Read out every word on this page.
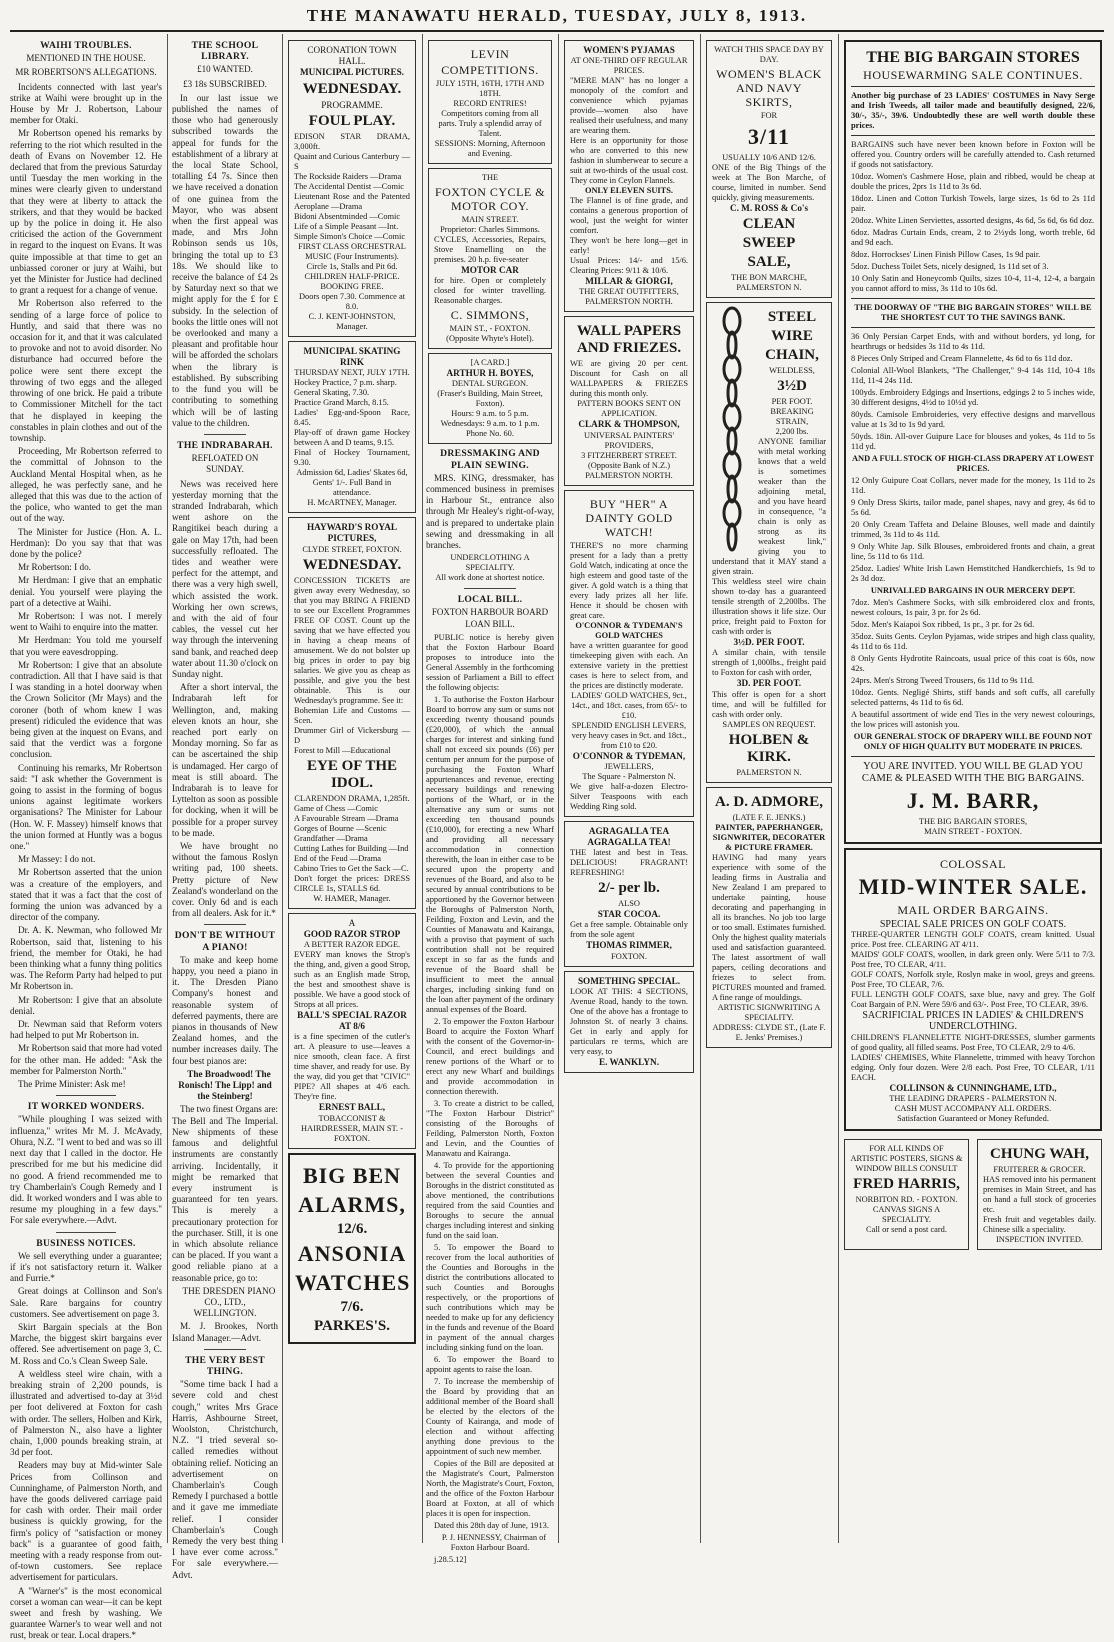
THE MANAWATU HERALD, TUESDAY, JULY 8, 1913.
WAIHI TROUBLES.
MENTIONED IN THE HOUSE.
MR ROBERTSON'S ALLEGATIONS.

Incidents connected with last year's strike at Waihi were brought up in the House by Mr J. Robertson, Labour member for Otaki.

Mr Robertson opened his remarks by referring to the riot which resulted in the death of Evans on November 12. He declared that from the previous Saturday until Tuesday the men working in the mines were clearly given to understand that they were at liberty to attack the strikers, and that they would be backed up by the police in doing it. He also criticised the action of the Government in regard to the inquest on Evans. It was quite impossible at that time to get an unbiassed coroner or jury at Waihi, but yet the Minister for Justice had declined to grant a request for a change of venue.

Mr Robertson also referred to the sending of a large force of police to Huntly, and said that there was no occasion for it, and that it was calculated to provoke and not to avoid disorder. No disturbance had occurred before the police were sent there except the throwing of two eggs and the alleged throwing of one brick. He paid a tribute to Commissioner Mitchell for the tact that he displayed in keeping the constables in plain clothes and out of the township.

Proceeding, Mr Robertson referred to the committal of Johnson to the Auckland Mental Hospital when, as he alleged, he was perfectly sane, and he alleged that this was due to the action of the police, who wanted to get the man out of the way.

The Minister for Justice (Hon. A. L. Herdman): Do you say that that was done by the police?

Mr Robertson: I do.

Mr Herdman: I give that an emphatic denial. You yourself were playing the part of a detective at Waihi.

Mr Robertson: I was not. I merely went to Waihi to enquire into the matter.

Mr Herdman: You told me yourself that you were eavesdropping.

Mr Robertson: I give that an absolute contradiction. All that I have said is that I was standing in a hotel doorway when the Crown Solicitor (Mr Mays) and the coroner (both of whom knew I was present) ridiculed the evidence that was being given at the inquest on Evans, and said that the verdict was a forgone conclusion.

Continuing his remarks, Mr Robertson said: "I ask whether the Government is going to assist in the forming of bogus unions against legitimate workers organisations? The Minister for Labour (Hon. W. F. Massey) himself knows that the union formed at Huntly was a bogus one."

Mr Massey: I do not.

Mr Robertson asserted that the union was a creature of the employers, and stated that it was a fact that the cost of forming the union was advanced by a director of the company.

Dr. A. K. Newman, who followed Mr Robertson, said that, listening to his friend, the member for Otaki, he had been thinking what a funny thing politics was. The Reform Party had helped to put Mr Robertson in.

Mr Robertson: I give that an absolute denial.

Dr. Newman said that Reform voters had helped to put Mr Robertson in.

Mr Robertson said that more had voted for the other man. He added: "Ask the member for Palmerston North."

The Prime Minister: Ask me!

IT WORKED WONDERS.

"While ploughing I was seized with influenza," writes Mr M. J. McAvady, Ohura, N.Z. "I went to bed and was so ill next day that I called in the doctor. He prescribed for me but his medicine did no good. A friend recommended me to try Chamberlain's Cough Remedy and I did. It worked wonders and I was able to resume my ploughing in a few days." For sale everywhere.—Advt.

BUSINESS NOTICES.

We sell everything under a guarantee; if it's not satisfactory return it. Walker and Furrie.*

Great doings at Collinson and Son's Sale. Rare bargains for country customers. See advertisement on page 3.

Skirt Bargain specials at the Bon Marche, the biggest skirt bargains ever offered. See advertisement on page 3, C. M. Ross and Co.'s Clean Sweep Sale.

A weldless steel wire chain, with a breaking strain of 2,200 pounds, is illustrated and advertised to-day at 3½d per foot delivered at Foxton for cash with order. The sellers, Holben and Kirk, of Palmerston N., also have a lighter chain, 1,000 pounds breaking strain, at 3d per foot.

Readers may buy at Mid-winter Sale Prices from Collinson and Cunninghame, of Palmerston North, and have the goods delivered carriage paid for cash with order. Their mail order business is quickly growing, for the firm's policy of "satisfaction or money back" is a guarantee of good faith, meeting with a ready response from out-of-town customers. See replace advertisement for particulars.

A "Warner's" is the most economical corset a woman can wear—it can be kept sweet and fresh by washing. We guarantee Warner's to wear well and not rust, break or tear. Local drapers.*

THE SCHOOL LIBRARY.
£10 WANTED.
£3 18s SUBSCRIBED.

In our last issue we published the names of those who had generously subscribed towards the appeal for funds for the establishment of a library at the local State School, totalling £4 7s. Since then we have received a donation of one guinea from the Mayor, who was absent when the first appeal was made, and Mrs John Robinson sends us 10s, bringing the total up to £3 18s. We should like to receive the balance of £4 2s by Saturday next so that we might apply for the £ for £ subsidy. In the selection of books the little ones will not be overlooked and many a pleasant and profitable hour will be afforded the scholars when the library is established. By subscribing to the fund you will be contributing to something which will be of lasting value to the children.

THE INDRABARAH.
REFLOATED ON SUNDAY.

News was received here yesterday morning that the stranded Indrabarah, which went ashore on the Rangitikei beach during a gale on May 17th, had been successfully refloated. The tides and weather were perfect for the attempt, and there was a very high swell, which assisted the work. Working her own screws, and with the aid of four cables, the vessel cut her way through the intervening sand bank, and reached deep water about 11.30 o'clock on Sunday night.

After a short interval, the Indrabarah left for Wellington, and, making eleven knots an hour, she reached port early on Monday morning. So far as can be ascertained the ship is undamaged. Her cargo of meat is still aboard. The Indrabarah is to leave for Lyttelton as soon as possible for docking, when it will be possible for a proper survey to be made.

We have brought no without the famous Roslyn writing pad, 100 sheets. Pretty picture of New Zealand's wonderland on the cover. Only 6d and is each from all dealers. Ask for it.*

DON'T BE WITHOUT A PIANO!

To make and keep home happy, you need a piano in it. The Dresden Piano Company's honest and reasonable system of deferred payments, there are pianos in thousands of New Zealand homes, and the number increases daily. The four best pianos are:

The Broadwood! The Ronisch! The Lipp! and the Steinberg!

The two finest Organs are: The Bell and The Imperial. New shipments of these famous and delightful instruments are constantly arriving. Incidentally, it might be remarked that every instrument is guaranteed for ten years. This is merely a precautionary protection for the purchaser. Still, it is one in which absolute reliance can be placed. If you want a good reliable piano at a reasonable price, go to:

THE DRESDEN PIANO CO., LTD., WELLINGTON.

M. J. Brookes, North Island Manager.—Advt.

THE VERY BEST THING.

"Some time back I had a severe cold and chest cough," writes Mrs Grace Harris, Ashbourne Street, Woolston, Christchurch, N.Z. "I tried several so-called remedies without obtaining relief. Noticing an advertisement on Chamberlain's Cough Remedy I purchased a bottle and it gave me immediate relief. I consider Chamberlain's Cough Remedy the very best thing I have ever come across." For sale everywhere.—Advt.

CORONATION TOWN HALL.
MUNICIPAL PICTURES.
WEDNESDAY.
PROGRAMME.
FOUL PLAY.
EDISON STAR DRAMA, 3,000ft.
Quaint and Curious Canterbury —S
The Rockside Raiders —Drama
The Accidental Dentist —Comic
Lieutenant Rose and the Patented Aeroplane —Drama
Bidoni Absentminded —Comic
Life of a Simple Peasant —Int.
Simple Simon's Choice —Comic
FIRST CLASS ORCHESTRAL MUSIC (Four Instruments).
Circle 1s, Stalls and Pit 6d. CHILDREN HALF-PRICE. BOOKING FREE.
Doors open 7.30. Commence at 8.0.
C. J. KENT-JOHNSTON, Manager.
MUNICIPAL SKATING RINK
THURSDAY NEXT, JULY 17TH.
Hockey Practice, 7 p.m. sharp.
General Skating, 7.30.
Practice Grand March, 8.15.
Ladies' Egg-and-Spoon Race, 8.45.
Play-off of drawn game Hockey between A and D teams, 9.15.
Final of Hockey Tournament, 9.30.
Admission 6d, Ladies' Skates 6d, Gents' 1/-. Full Band in attendance.
H. McARTNEY, Manager.
HAYWARD'S ROYAL PICTURES,
CLYDE STREET, FOXTON.
WEDNESDAY.
CONCESSION TICKETS are given away every Wednesday, so that you may BRING A FRIEND to see our Excellent Programmes FREE OF COST. Count up the saving that we have effected you in having a cheap means of amusement. We do not bolster up big prices in order to pay big salaries. We give you as cheap as possible, and give you the best obtainable. This is our Wednesday's programme. See it:
Bohemian Life and Customs —Scen.
Drummer Girl of Vickersburg —D
Forest to Mill —Educational
EYE OF THE IDOL.
CLARENDON DRAMA, 1,285ft.
Game of Chess —Comic
A Favourable Stream —Drama
Gorges of Bourne —Scenic
Grandfather —Drama
Cutting Lathes for Building —Ind
End of the Feud —Drama
Cabino Tries to Get the Sack —C.
Don't forget the prices: DRESS CIRCLE 1s, STALLS 6d.
W. HAMER, Manager.
A
GOOD RAZOR STROP
A BETTER RAZOR EDGE.
EVERY man knows the Strop's the thing, and, given a good Strop, such as an English made Strop, the best and smoothest shave is possible. We have a good stock of Strops at all prices.
BALL'S SPECIAL RAZOR AT 8/6
is a fine specimen of the cutler's art. A pleasure to use—leaves a nice smooth, clean face. A first time shaver, and ready for use. By the way, did you get that "CIVIC" PIPE? All shapes at 4/6 each. They're fine.
ERNEST BALL,
TOBACCONIST & HAIRDRESSER, MAIN ST. - FOXTON.
BIG BEN
ALARMS,
12/6.
ANSONIA
WATCHES
7/6.
PARKES'S.
LEVIN
COMPETITIONS.
JULY 15TH, 16TH, 17TH AND 18TH.
RECORD ENTRIES!
Competitors coming from all parts. Truly a splendid array of Talent.
SESSIONS: Morning, Afternoon and Evening.
THE
FOXTON CYCLE & MOTOR COY.
MAIN STREET.
Proprietor: Charles Simmons.
CYCLES, Accessories, Repairs, Stove Enamelling on the premises. 20 h.p. five-seater
MOTOR CAR
for hire. Open or completely closed for winter travelling. Reasonable charges.
C. SIMMONS,
MAIN ST., - FOXTON. (Opposite Whyte's Hotel).
[A CARD.]
ARTHUR H. BOYES,
DENTAL SURGEON.
(Fraser's Building, Main Street, Foxton).
Hours: 9 a.m. to 5 p.m. Wednesdays: 9 a.m. to 1 p.m.
Phone No. 60.
DRESSMAKING AND PLAIN SEWING.

MRS. KING, dressmaker, has commenced business in premises in Harbour St., entrance also through Mr Healey's right-of-way, and is prepared to undertake plain sewing and dressmaking in all branches.

UNDERCLOTHING A SPECIALITY.
All work done at shortest notice.
LOCAL BILL.
FOXTON HARBOUR BOARD LOAN BILL.

PUBLIC notice is hereby given that the Foxton Harbour Board proposes to introduce into the General Assembly in the forthcoming session of Parliament a Bill to effect the following objects:

1. To authorise the Foxton Harbour Board to borrow any sum or sums not exceeding twenty thousand pounds (£20,000), of which the annual charges for interest and sinking fund shall not exceed six pounds (£6) per centum per annum for the purpose of purchasing the Foxton Wharf appurtenances and revenue, erecting necessary buildings and renewing portions of the Wharf, or in the alternative any sum or sums not exceeding ten thousand pounds (£10,000), for erecting a new Wharf and providing all necessary accommodation in connection therewith, the loan in either case to be secured upon the property and revenues of the Board, and also to be secured by annual contributions to be apportioned by the Governor between the Boroughs of Palmerston North, Feilding, Foxton and Levin, and the Counties of Manawatu and Kairanga, with a proviso that payment of such contribution shall not be required except in so far as the funds and revenue of the Board shall be insufficient to meet the annual charges, including sinking fund on the loan after payment of the ordinary annual expenses of the Board.

2. To empower the Foxton Harbour Board to acquire the Foxton Wharf with the consent of the Governor-in-Council, and erect buildings and renew portions of the Wharf or to erect any new Wharf and buildings and provide accommodation in connection therewith.

3. To create a district to be called, "The Foxton Harbour District" consisting of the Boroughs of Feilding, Palmerston North, Foxton and Levin, and the Counties of Manawatu and Kairanga.

4. To provide for the apportioning between the several Counties and Boroughs in the district constituted as above mentioned, the contributions required from the said Counties and Boroughs to secure the annual charges including interest and sinking fund on the said loan.

5. To empower the Board to recover from the local authorities of the Counties and Boroughs in the district the contributions allocated to such Counties and Boroughs respectively, or the proportions of such contributions which may be needed to make up for any deficiency in the funds and revenue of the Board in payment of the annual charges including sinking fund on the loan.

6. To empower the Board to appoint agents to raise the loan.

7. To increase the membership of the Board by providing that an additional member of the Board shall be elected by the electors of the County of Kairanga, and mode of election and without affecting anything done previous to the appointment of such new member.

Copies of the Bill are deposited at the Magistrate's Court, Palmerston North, the Magistrate's Court, Foxton, and the office of the Foxton Harbour Board at Foxton, at all of which places it is open for inspection.

Dated this 28th day of June, 1913.

P. J. HENNESSY, Chairman of Foxton Harbour Board.

j.28.5.12]

WOMEN'S PYJAMAS
AT ONE-THIRD OFF REGULAR PRICES.
"MERE MAN" has no longer a monopoly of the comfort and convenience which pyjamas provide—women also have realised their usefulness, and many are wearing them.
Here is an opportunity for those who are converted to this new fashion in slumberwear to secure a suit at two-thirds of the usual cost. They come in Ceylon Flannels.
ONLY ELEVEN SUITS.
The Flannel is of fine grade, and contains a generous proportion of wool, just the weight for winter comfort.
They won't be here long—get in early!
Usual Prices: 14/- and 15/6. Clearing Prices: 9/11 & 10/6.
MILLAR & GIORGI,
THE GREAT OUTFITTERS,
PALMERSTON NORTH.
WALL PAPERS AND FRIEZES.
WE are giving 20 per cent. Discount for Cash on all WALLPAPERS & FRIEZES during this month only.
PATTERN BOOKS SENT ON APPLICATION.
CLARK & THOMPSON,
UNIVERSAL PAINTERS' PROVIDERS,
3 FITZHERBERT STREET. (Opposite Bank of N.Z.)
PALMERSTON NORTH.
BUY "HER" A DAINTY GOLD WATCH!
THERE'S no more charming present for a lady than a pretty Gold Watch, indicating at once the high esteem and good taste of the giver. A gold watch is a thing that every lady prizes all her life. Hence it should be chosen with great care.
O'CONNOR & TYDEMAN'S GOLD WATCHES
have a written guarantee for good timekeeping given with each. An extensive variety in the prettiest cases is here to select from, and the prices are distinctly moderate.
LADIES' GOLD WATCHES, 9ct., 14ct., and 18ct. cases, from 65/- to £10.
SPLENDID ENGLISH LEVERS, very heavy cases in 9ct. and 18ct., from £10 to £20.
O'CONNOR & TYDEMAN,
JEWELLERS,
The Square - Palmerston N.
We give half-a-dozen Electro-Silver Teaspoons with each Wedding Ring sold.
AGRAGALLA TEA
AGRAGALLA TEA!
THE latest and best in Teas. DELICIOUS! FRAGRANT! REFRESHING!
2/- per lb.
ALSO
STAR COCOA.
Get a free sample. Obtainable only from the sole agent
THOMAS RIMMER,
FOXTON.
SOMETHING SPECIAL.
LOOK AT THIS: 4 SECTIONS, Avenue Road, handy to the town. One of the above has a frontage to Johnston St. of nearly 3 chains. Get in early and apply for particulars re terms, which are very easy, to
E. WANKLYN.
WATCH THIS SPACE DAY BY DAY.
WOMEN'S BLACK AND NAVY SKIRTS,
FOR
3/11
USUALLY 10/6 AND 12/6.
ONE of the Big Things of the week at The Bon Marche, of course, limited in number. Send quickly, giving measurements.
C. M. ROSS & Co's
CLEAN
SWEEP
SALE,
THE BON MARCHE,
PALMERSTON N.
STEEL
WIRE
CHAIN,
WELDLESS,
3½D
PER FOOT.
BREAKING STRAIN,
2,200 lbs.
ANYONE familiar with metal working knows that a weld is sometimes weaker than the adjoining metal, and you have heard in consequence, "a chain is only as strong as its weakest link," giving you to understand that it MAY stand a given strain.
This weldless steel wire chain shown to-day has a guaranteed tensile strength of 2,200lbs. The illustration shows it life size. Our price, freight paid to Foxton for cash with order is
3½D. PER FOOT.
A similar chain, with tensile strength of 1,000lbs., freight paid to Foxton for cash with order,
3D. PER FOOT.
This offer is open for a short time, and will be fulfilled for cash with order only.
SAMPLES ON REQUEST.
HOLBEN & KIRK.
PALMERSTON N.
A. D. ADMORE,
(LATE F. E. JENKS.)
PAINTER, PAPERHANGER, SIGNWRITER, DECORATER & PICTURE FRAMER.
HAVING had many years experience with some of the leading firms in Australia and New Zealand I am prepared to undertake painting, house decorating and paperhanging in all its branches. No job too large or too small. Estimates furnished. Only the highest quality materials used and satisfaction guaranteed. The latest assortment of wall papers, ceiling decorations and friezes to select from. PICTURES mounted and framed. A fine range of mouldings.
ARTISTIC SIGNWRITING A SPECIALITY.
ADDRESS: CLYDE ST., (Late F. E. Jenks' Premises.)
THE BIG BARGAIN STORES
HOUSEWARMING SALE CONTINUES.
Another big purchase of 23 LADIES' COSTUMES in Navy Serge and Irish Tweeds, all tailor made and beautifully designed, 22/6, 30/-, 35/-, 39/6. Undoubtedly these are well worth double these prices.
BARGAINS such have never been known before in Foxton will be offered you. Country orders will be carefully attended to. Cash returned if goods not satisfactory.
10doz. Women's Cashmere Hose, plain and ribbed, would be cheap at double the prices, 2prs 1s 11d to 3s 6d.
18doz. Linen and Cotton Turkish Towels, large sizes, 1s 6d to 2s 11d pair.
20doz. White Linen Serviettes, assorted designs, 4s 6d, 5s 6d, 6s 6d doz.
6doz. Madras Curtain Ends, cream, 2 to 2½yds long, worth treble, 6d and 9d each.
8doz. Horrockses' Linen Finish Pillow Cases, 1s 9d pair.
5doz. Duchess Toilet Sets, nicely designed, 1s 11d set of 3.
10 Only Satin and Honeycomb Quilts, sizes 10-4, 11-4, 12-4, a bargain you cannot afford to miss, 3s 11d to 10s 6d.
THE DOORWAY OF "THE BIG BARGAIN STORES" WILL BE THE SHORTEST CUT TO THE SAVINGS BANK.
36 Only Persian Carpet Ends, with and without borders, yd long, for hearthrugs or bedsides 3s 11d to 4s 11d.
8 Pieces Only Striped and Cream Flannelette, 4s 6d to 6s 11d doz.
Colonial All-Wool Blankets, "The Challenger," 9-4 14s 11d, 10-4 18s 11d, 11-4 24s 11d.
100yds. Embroidery Edgings and Insertions, edgings 2 to 5 inches wide, 30 different designs, 4½d to 10½d yd.
80yds. Camisole Embroideries, very effective designs and marvellous value at 1s 3d to 1s 9d yard.
50yds. 18in. All-over Guipure Lace for blouses and yokes, 4s 11d to 5s 11d yd.
AND A FULL STOCK OF HIGH-CLASS DRAPERY AT LOWEST PRICES.
12 Only Guipure Coat Collars, never made for the money, 1s 11d to 2s 11d.
9 Only Dress Skirts, tailor made, panel shapes, navy and grey, 4s 6d to 5s 6d.
20 Only Cream Taffeta and Delaine Blouses, well made and daintily trimmed, 3s 11d to 4s 11d.
9 Only White Jap. Silk Blouses, embroidered fronts and chain, a great line, 5s 11d to 6s 11d.
25doz. Ladies' White Irish Lawn Hemstitched Handkerchiefs, 1s 9d to 2s 3d doz.
UNRIVALLED BARGAINS IN OUR MERCERY DEPT.
7doz. Men's Cashmere Socks, with silk embroidered clox and fronts, newest colours, 1s pair, 3 pr. for 2s 6d.
5doz. Men's Kaiapoi Sox ribbed, 1s pr., 3 pr. for 2s 6d.
35doz. Suits Gents. Ceylon Pyjamas, wide stripes and high class quality, 4s 11d to 6s 11d.
8 Only Gents Hydrotite Raincoats, usual price of this coat is 60s, now 42s.
24prs. Men's Strong Tweed Trousers, 6s 11d to 9s 11d.
10doz. Gents. Negligé Shirts, stiff bands and soft cuffs, all carefully selected patterns, 4s 11d to 6s 6d.
A beautiful assortment of wide end Ties in the very newest colourings, the low prices will astonish you.
OUR GENERAL STOCK OF DRAPERY WILL BE FOUND NOT ONLY OF HIGH QUALITY BUT MODERATE IN PRICES.
YOU ARE INVITED. YOU WILL BE GLAD YOU CAME & PLEASED WITH THE BIG BARGAINS.
J. M. BARR,
THE BIG BARGAIN STORES,
MAIN STREET - FOXTON.
COLOSSAL
MID-WINTER SALE.
MAIL ORDER BARGAINS.
SPECIAL SALE PRICES ON GOLF COATS.
THREE-QUARTER LENGTH GOLF COATS, cream knitted. Usual price. Post free. CLEARING AT 4/11.
MAIDS' GOLF COATS, woollen, in dark green only. Were 5/11 to 7/3. Post free, TO CLEAR, 4/11.
GOLF COATS, Norfolk style, Roslyn make in wool, greys and greens. Post Free, TO CLEAR, 7/6.
FULL LENGTH GOLF COATS, saxe blue, navy and grey. The Golf Coat Bargain of P.N. Were 59/6 and 63/-. Post Free, TO CLEAR, 39/6.
SACRIFICIAL PRICES IN LADIES' & CHILDREN'S UNDERCLOTHING.
CHILDREN'S FLANNELETTE NIGHT-DRESSES, slumber garments of good quality, all filled seams. Post Free, TO CLEAR, 2/9 to 4/6.
LADIES' CHEMISES, White Flannelette, trimmed with heavy Torchon edging. Only four dozen. Were 2/8 each. Post Free, TO CLEAR, 1/11 EACH.
COLLINSON & CUNNINGHAME, LTD.,
THE LEADING DRAPERS - PALMERSTON N.
CASH MUST ACCOMPANY ALL ORDERS.
Satisfaction Guaranteed or Money Refunded.
FOR ALL KINDS OF ARTISTIC POSTERS, SIGNS & WINDOW BILLS CONSULT
FRED HARRIS,
NORBITON RD. - FOXTON.
CANVAS SIGNS A SPECIALITY.
Call or send a post card.
CHUNG WAH,
FRUITERER & GROCER.
HAS removed into his permanent premises in Main Street, and has on hand a full stock of groceries etc.
Fresh fruit and vegetables daily. Chinese silk a speciality.
INSPECTION INVITED.
